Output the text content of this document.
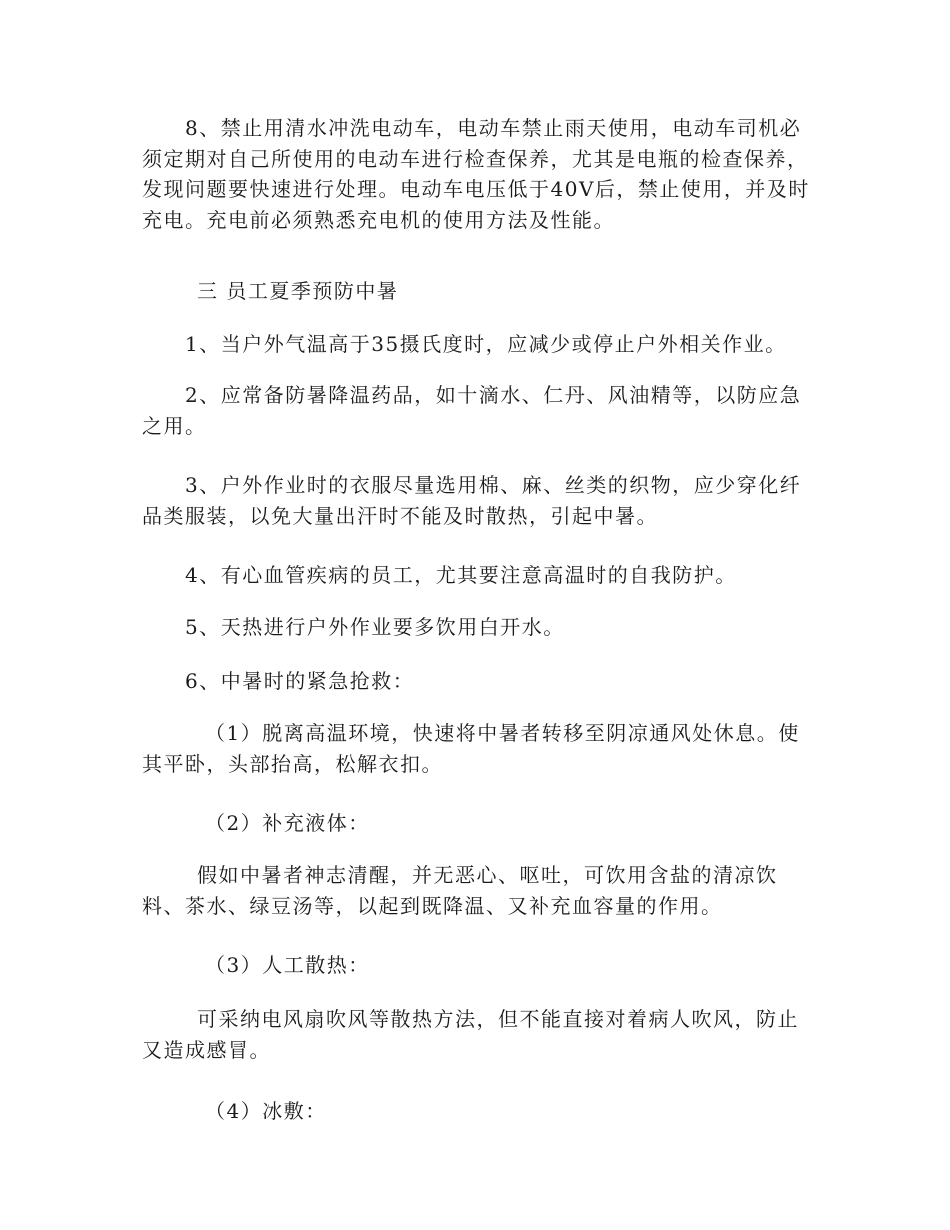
8、禁止用清水冲洗电动车，电动车禁止雨天使用，电动车司机必须定期对自己所使用的电动车进行检查保养，尤其是电瓶的检查保养，发现问题要快速进行处理。电动车电压低于40V后，禁止使用，并及时充电。充电前必须熟悉充电机的使用方法及性能。

三 员工夏季预防中暑

1、当户外气温高于35摄氏度时，应减少或停止户外相关作业。

2、应常备防暑降温药品，如十滴水、仁丹、风油精等，以防应急之用。

3、户外作业时的衣服尽量选用棉、麻、丝类的织物，应少穿化纤品类服装，以免大量出汗时不能及时散热，引起中暑。

4、有心血管疾病的员工，尤其要注意高温时的自我防护。

5、天热进行户外作业要多饮用白开水。

6、中暑时的紧急抢救：

（1）脱离高温环境，快速将中暑者转移至阴凉通风处休息。使其平卧，头部抬高，松解衣扣。

（2）补充液体：

假如中暑者神志清醒，并无恶心、呕吐，可饮用含盐的清凉饮料、茶水、绿豆汤等，以起到既降温、又补充血容量的作用。

（3）人工散热：

可采纳电风扇吹风等散热方法，但不能直接对着病人吹风，防止又造成感冒。

（4）冰敷：
